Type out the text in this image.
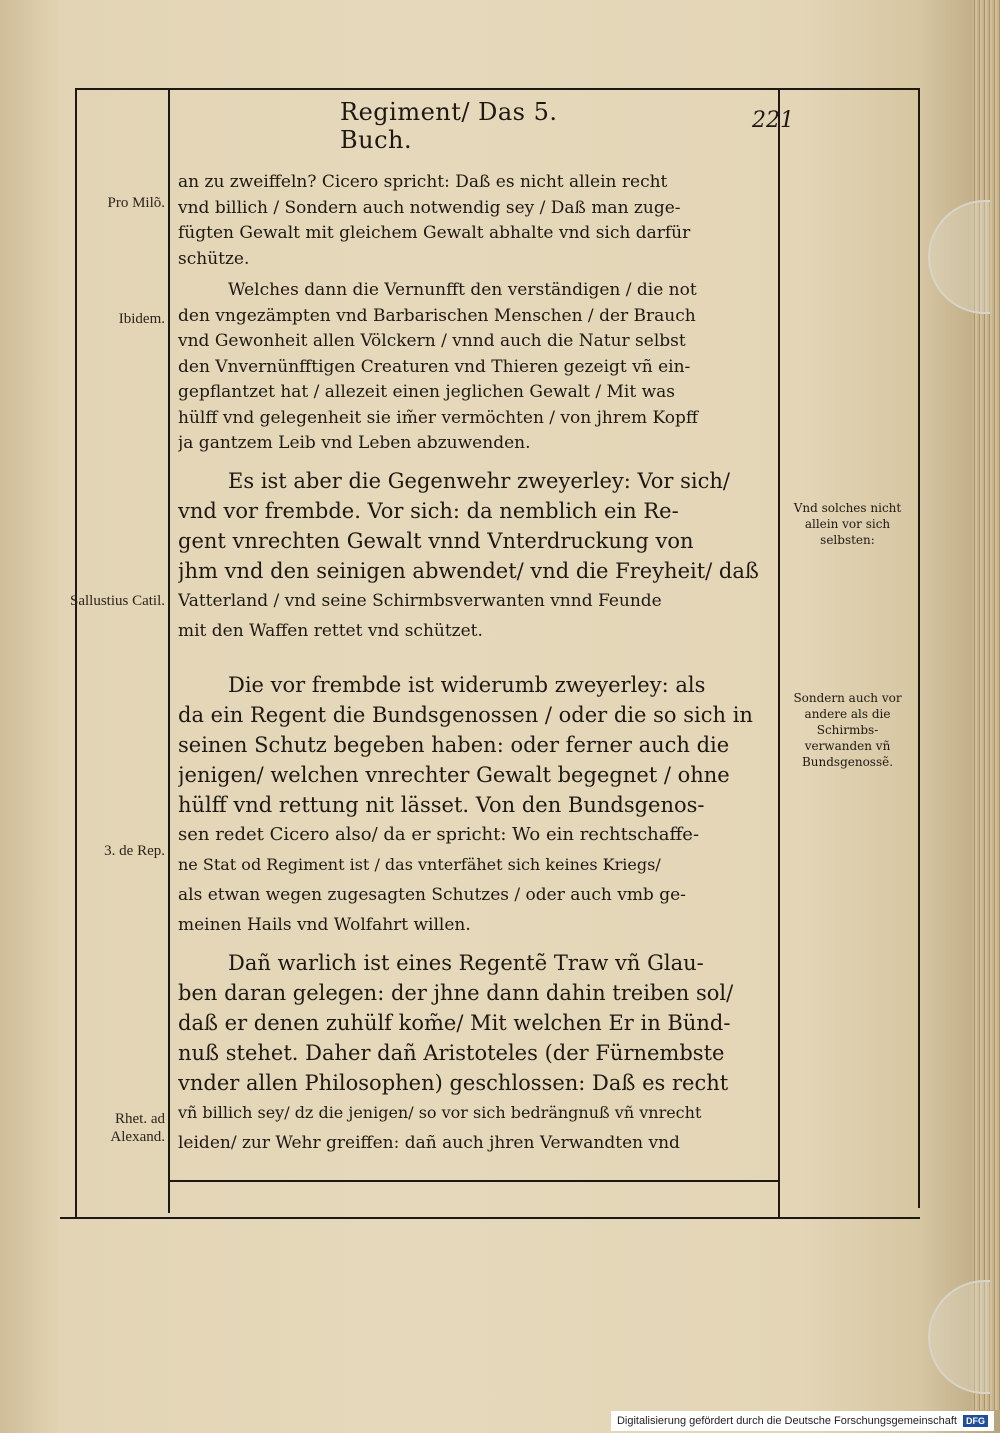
Regiment/ Das 5. Buch.
221
Pro Milõ.
Ibidem.
Sallustius Catil.
3. de Rep.
Rhet. ad Alexand.
Vnd solches nicht allein vor sich selbsten:
Sondern auch vor andere als die Schirmbs-verwanden vñ Bundsgenossẽ.
an zu zweiffeln? Cicero spricht: Daß es nicht allein recht
vnd billich / Sondern auch notwendig sey / Daß man zuge-
fügten Gewalt mit gleichem Gewalt abhalte vnd sich darfür
schütze.
Welches dann die Vernunfft den verständigen / die not
den vngezämpten vnd Barbarischen Menschen / der Brauch
vnd Gewonheit allen Völckern / vnnd auch die Natur selbst
den Vnvernünfftigen Creaturen vnd Thieren gezeigt vñ ein-
gepflantzet hat / allezeit einen jeglichen Gewalt / Mit was
hülff vnd gelegenheit sie im̃er vermöchten / von jhrem Kopff
ja gantzem Leib vnd Leben abzuwenden.
Es ist aber die Gegenwehr zweyerley: Vor sich/
vnd vor frembde. Vor sich: da nemblich ein Re-
gent vnrechten Gewalt vnnd Vnterdruckung von
jhm vnd den seinigen abwendet/ vnd die Freyheit/ daß
Vatterland / vnd seine Schirmbsverwanten vnnd Feunde
mit den Waffen rettet vnd schützet.
Die vor frembde ist widerumb zweyerley: als
da ein Regent die Bundsgenossen / oder die so sich in
seinen Schutz begeben haben: oder ferner auch die
jenigen/ welchen vnrechter Gewalt begegnet / ohne
hülff vnd rettung nit lässet. Von den Bundsgenos-
sen redet Cicero also/ da er spricht: Wo ein rechtschaffe-
ne Stat od Regiment ist / das vnterfähet sich keines Kriegs/
als etwan wegen zugesagten Schutzes / oder auch vmb ge-
meinen Hails vnd Wolfahrt willen.
Dañ warlich ist eines Regentẽ Traw vñ Glau-
ben daran gelegen: der jhne dann dahin treiben sol/
daß er denen zuhülf kom̃e/ Mit welchen Er in Bünd-
nuß stehet. Daher dañ Aristoteles (der Fürnembste
vnder allen Philosophen) geschlossen: Daß es recht
vñ billich sey/ dz die jenigen/ so vor sich bedrängnuß vñ vnrecht
leiden/ zur Wehr greiffen: dañ auch jhren Verwandten vnd
Digitalisierung gefördert durch die Deutsche Forschungsgemeinschaft DFG
